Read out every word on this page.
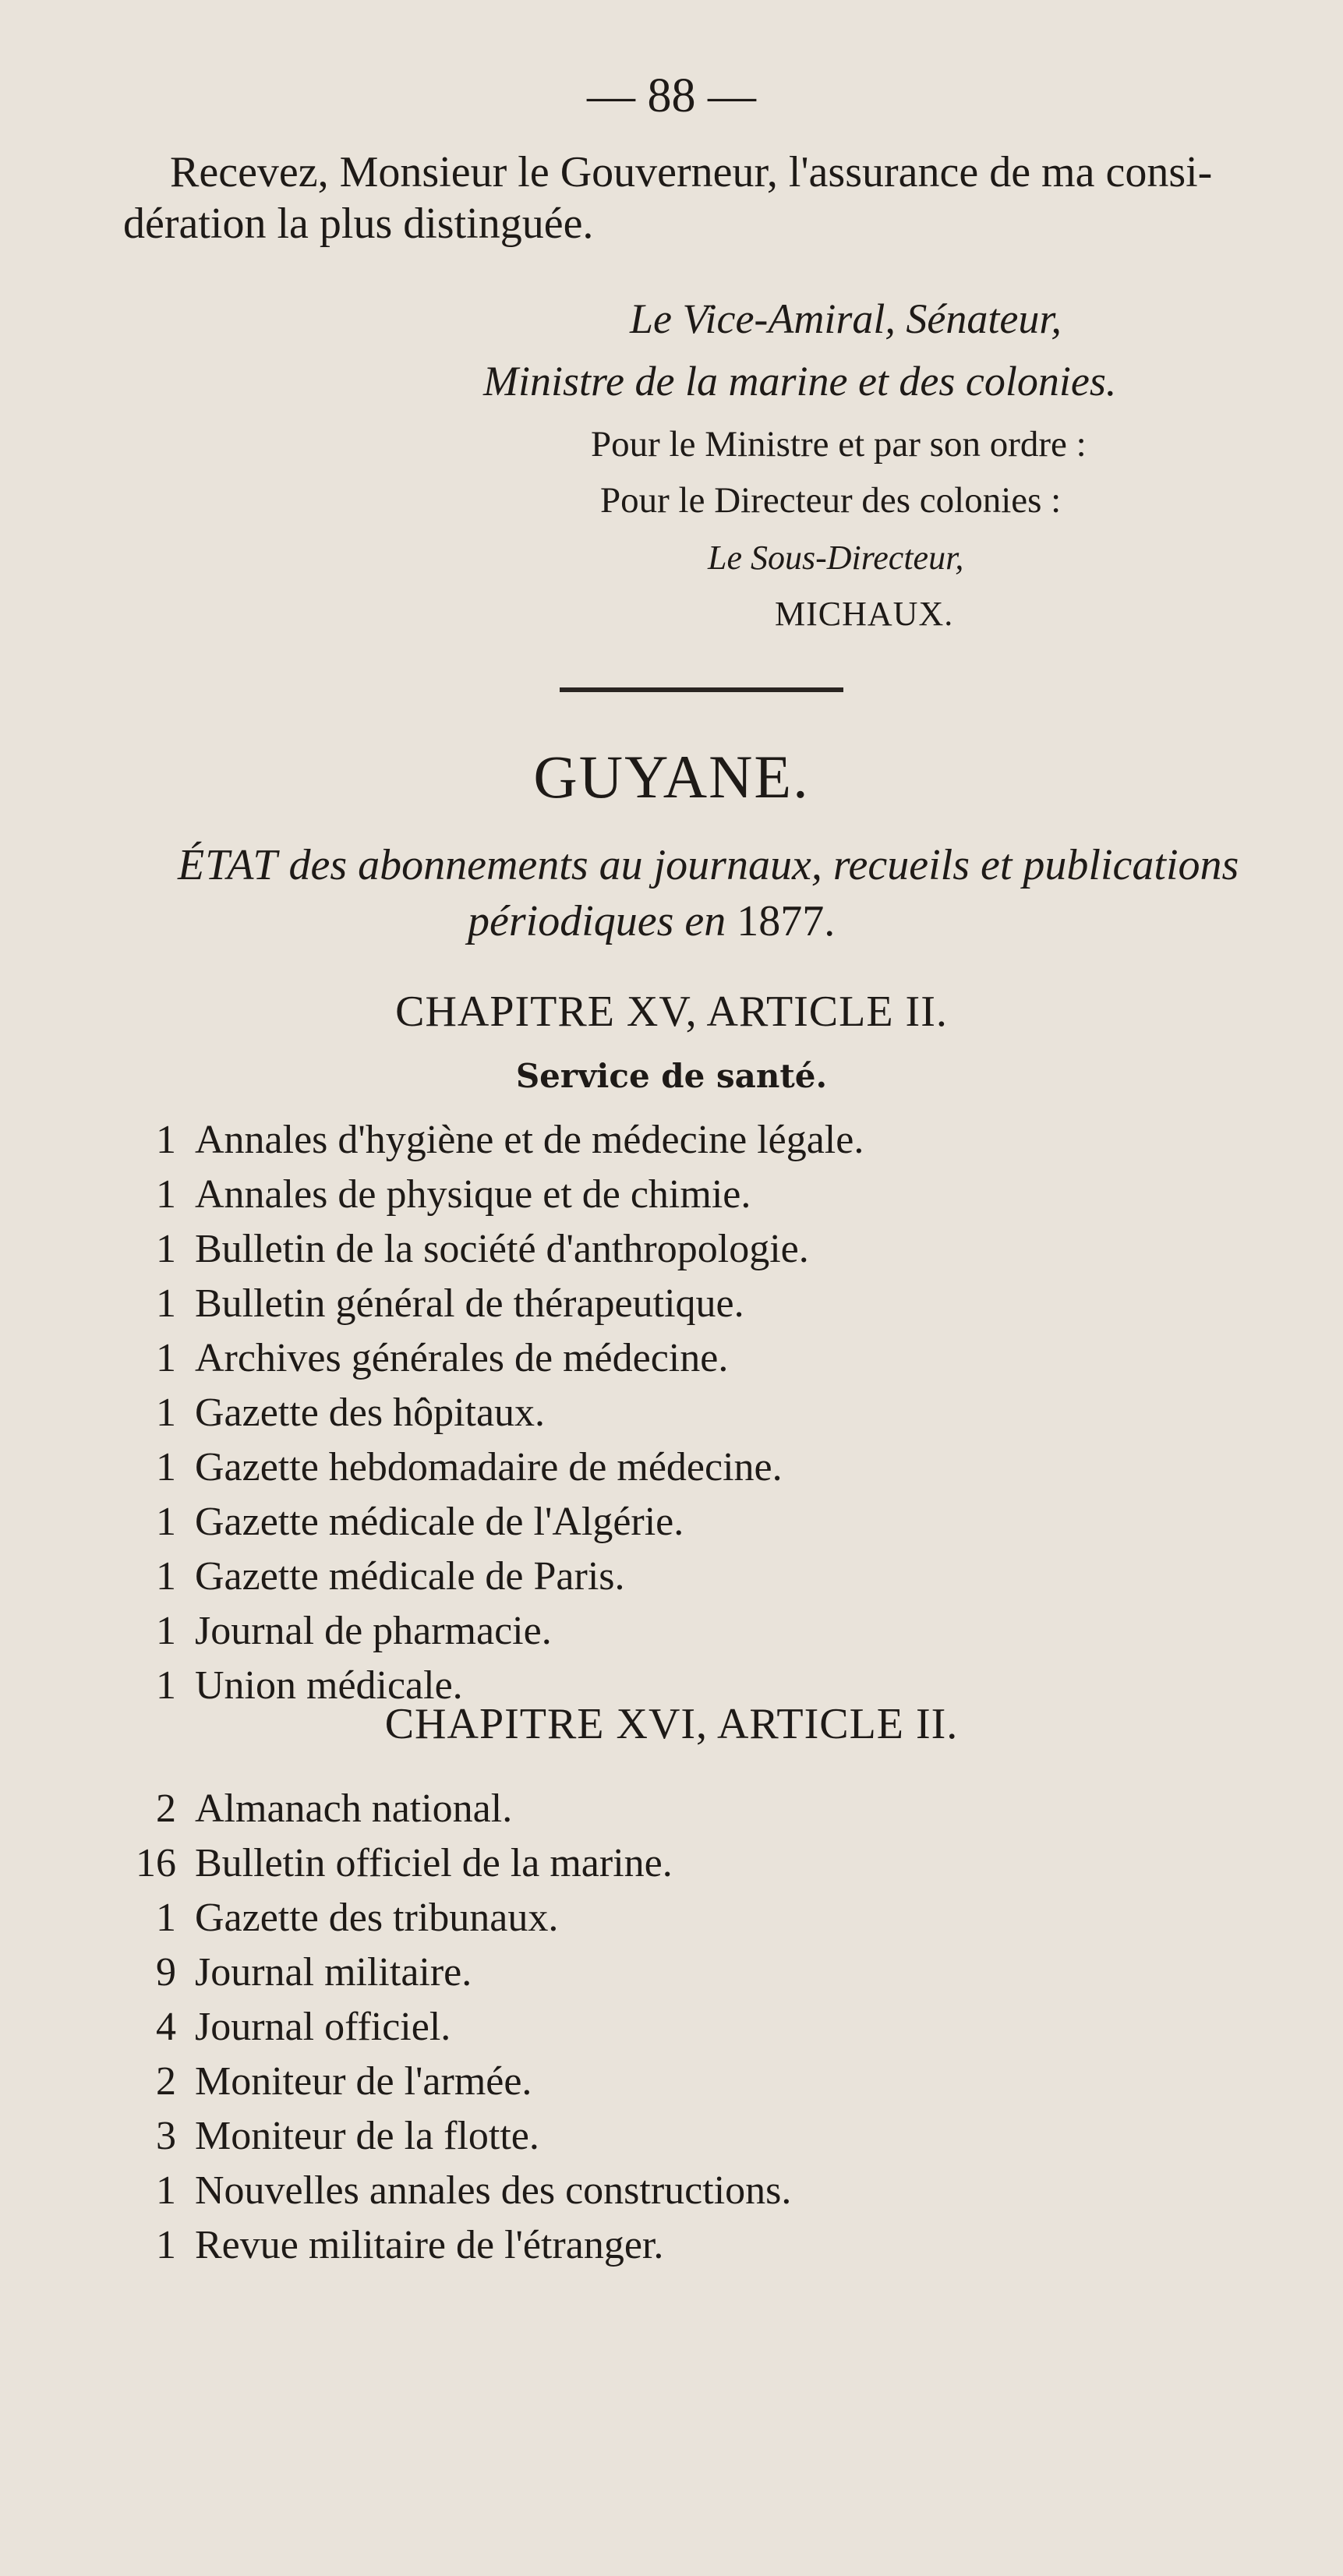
— 88 —
Recevez, Monsieur le Gouverneur, l'assurance de ma consi-
dération la plus distinguée.
Le Vice-Amiral, Sénateur,
Ministre de la marine et des colonies.
Pour le Ministre et par son ordre :
Pour le Directeur des colonies :
Le Sous-Directeur,
MICHAUX.
GUYANE.
ÉTAT des abonnements au journaux, recueils et publications
périodiques en 1877.
CHAPITRE XV, ARTICLE II.
Service de santé.
1 Annales d'hygiène et de médecine légale.
1 Annales de physique et de chimie.
1 Bulletin de la société d'anthropologie.
1 Bulletin général de thérapeutique.
1 Archives générales de médecine.
1 Gazette des hôpitaux.
1 Gazette hebdomadaire de médecine.
1 Gazette médicale de l'Algérie.
1 Gazette médicale de Paris.
1 Journal de pharmacie.
1 Union médicale.
CHAPITRE XVI, ARTICLE II.
2 Almanach national.
16 Bulletin officiel de la marine.
1 Gazette des tribunaux.
9 Journal militaire.
4 Journal officiel.
2 Moniteur de l'armée.
3 Moniteur de la flotte.
1 Nouvelles annales des constructions.
1 Revue militaire de l'étranger.
